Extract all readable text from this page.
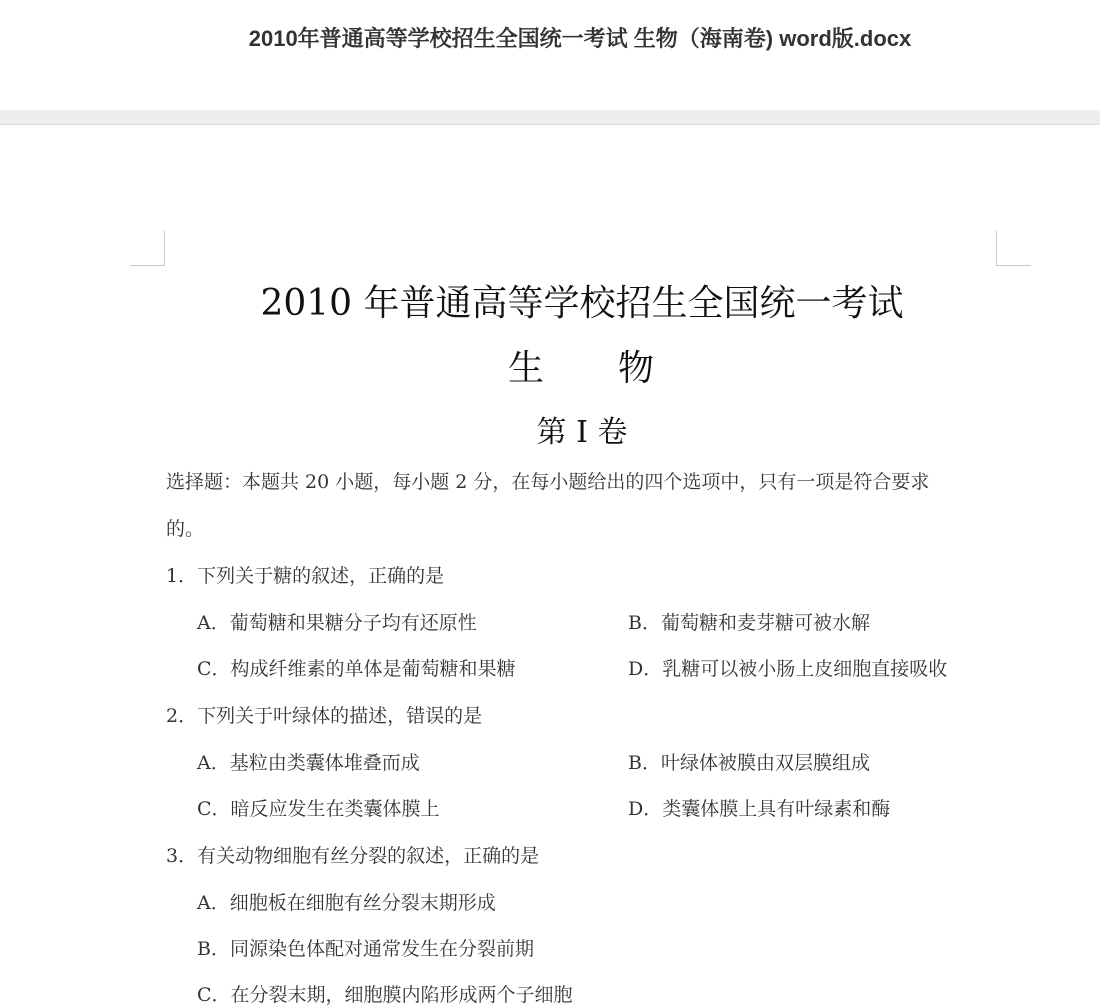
2010年普通高等学校招生全国统一考试 生物（海南卷) word版.docx
2010 年普通高等学校招生全国统一考试
生 物
第 I 卷
选择题：本题共 20 小题，每小题 2 分，在每小题给出的四个选项中，只有一项是符合要求
的。
1．下列关于糖的叙述，正确的是
A．葡萄糖和果糖分子均有还原性	B．葡萄糖和麦芽糖可被水解
C．构成纤维素的单体是葡萄糖和果糖	D．乳糖可以被小肠上皮细胞直接吸收
2．下列关于叶绿体的描述，错误的是
A．基粒由类囊体堆叠而成	B．叶绿体被膜由双层膜组成
C．暗反应发生在类囊体膜上	D．类囊体膜上具有叶绿素和酶
3．有关动物细胞有丝分裂的叙述，正确的是
A．细胞板在细胞有丝分裂末期形成
B．同源染色体配对通常发生在分裂前期
C．在分裂末期，细胞膜内陷形成两个子细胞
